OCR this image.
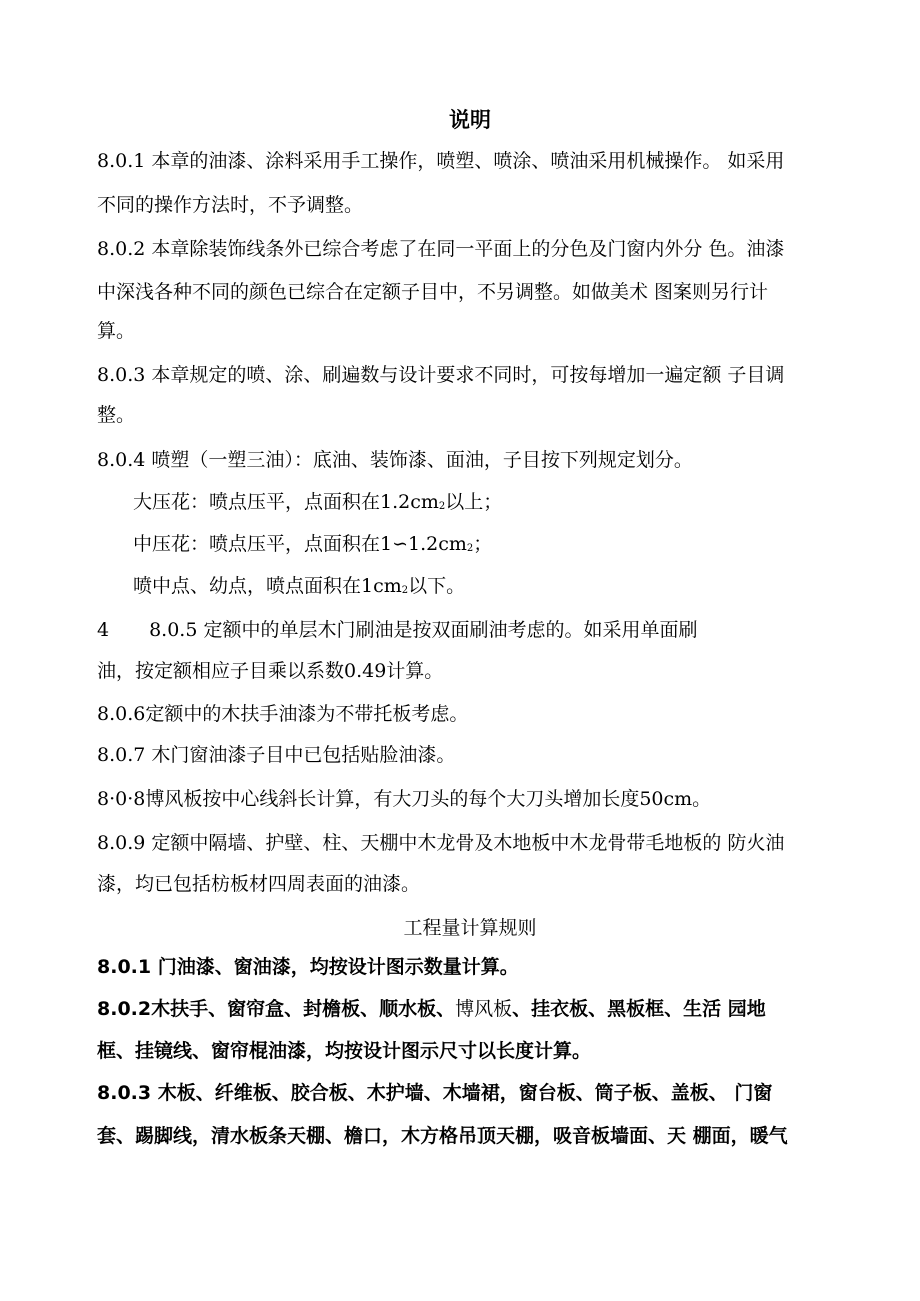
说明
8.0.1 本章的油漆、涂料采用手工操作，喷塑、喷涂、喷油采用机械操作。 如采用
不同的操作方法时，不予调整。
8.0.2 本章除装饰线条外已综合考虑了在同一平面上的分色及门窗内外分 色。油漆
中深浅各种不同的颜色已综合在定额子目中，不另调整。如做美术 图案则另行计
算。
8.0.3 本章规定的喷、涂、刷遍数与设计要求不同时，可按每增加一遍定额 子目调
整。
8.0.4 喷塑（一塑三油）：底油、装饰漆、面油，子目按下列规定划分。
大压花：喷点压平，点面积在1.2cm2以上；
中压花：喷点压平，点面积在1∽1.2cm2；
喷中点、幼点，喷点面积在1cm2以下。
4 8.0.5 定额中的单层木门刷油是按双面刷油考虑的。如采用单面刷
油，按定额相应子目乘以系数0.49计算。
8.0.6定额中的木扶手油漆为不带托板考虑。
8.0.7 木门窗油漆子目中已包括贴脸油漆。
8·0·8博风板按中心线斜长计算，有大刀头的每个大刀头增加长度50cm。
8.0.9 定额中隔墙、护壁、柱、天棚中木龙骨及木地板中木龙骨带毛地板的 防火油
漆，均已包括枋板材四周表面的油漆。
工程量计算规则
8.0.1 门油漆、窗油漆，均按设计图示数量计算。
8.0.2木扶手、窗帘盒、封檐板、顺水板、博风板、挂衣板、黑板框、生活 园地
框、挂镜线、窗帘棍油漆，均按设计图示尺寸以长度计算。
8.0.3 木板、纤维板、胶合板、木护墙、木墙裙，窗台板、筒子板、盖板、 门窗
套、踢脚线，清水板条天棚、檐口，木方格吊顶天棚，吸音板墙面、天 棚面，暖气
